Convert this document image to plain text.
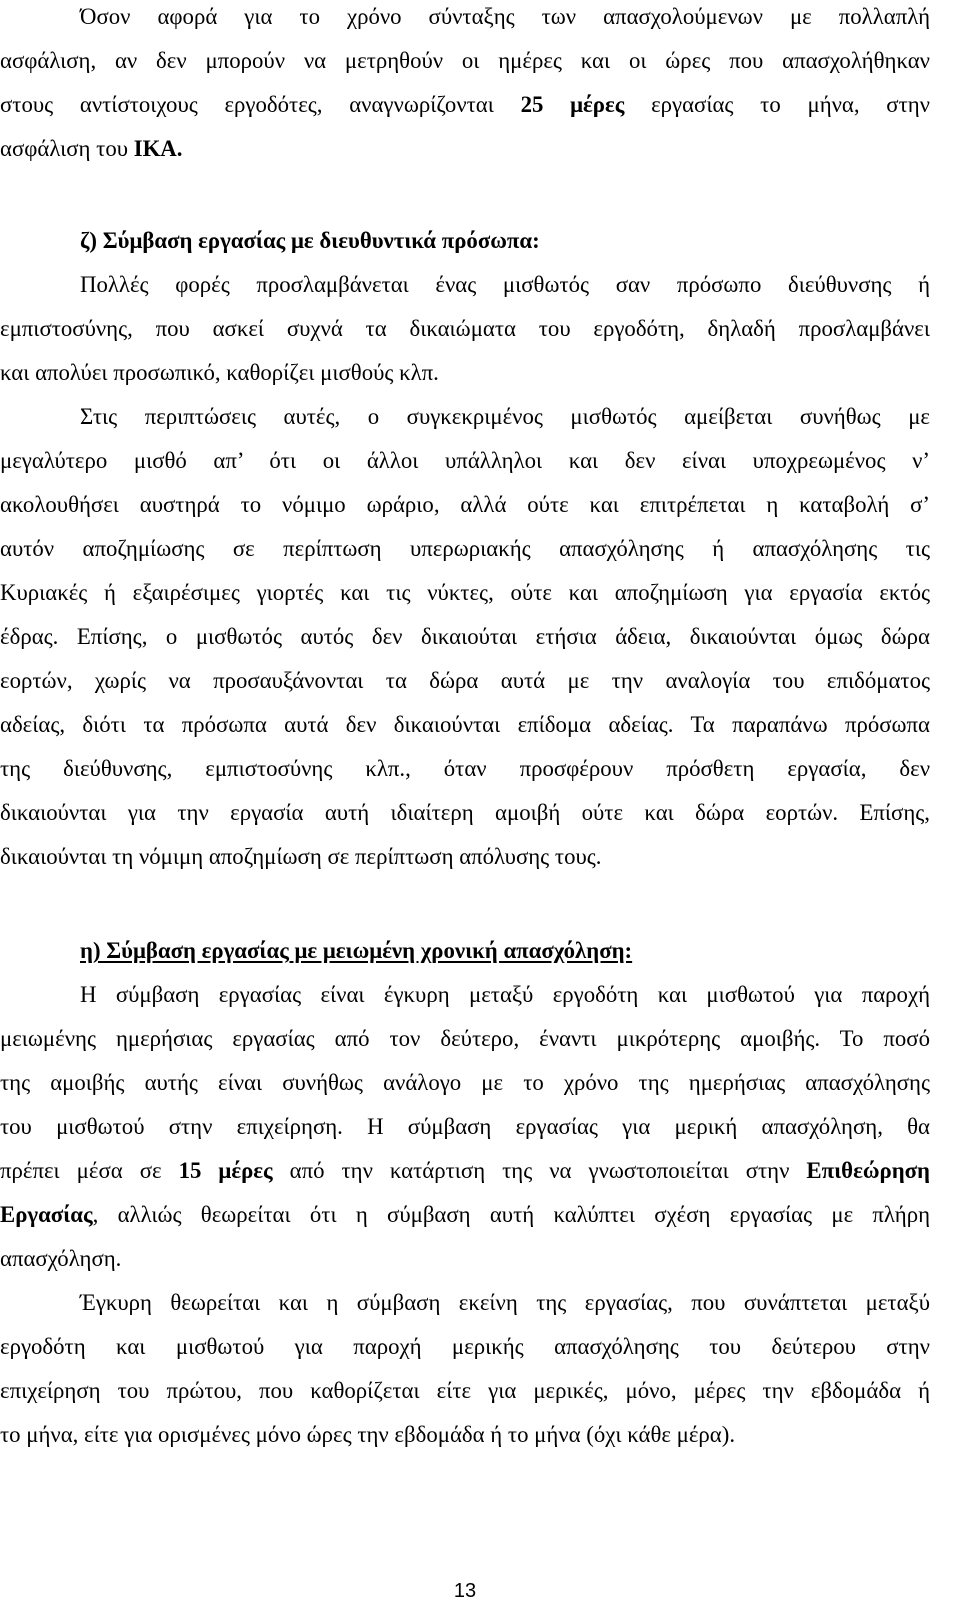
Όσον αφορά για το χρόνο σύνταξης των απασχολούμενων με πολλαπλή
ασφάλιση, αν δεν μπορούν να μετρηθούν οι ημέρες και οι ώρες που απασχολήθηκαν
στους αντίστοιχους εργοδότες, αναγνωρίζονται 25 μέρες εργασίας το μήνα, στην
ασφάλιση του ΙΚΑ.
ζ) Σύμβαση εργασίας με διευθυντικά πρόσωπα:
Πολλές φορές προσλαμβάνεται ένας μισθωτός σαν πρόσωπο διεύθυνσης ή
εμπιστοσύνης, που ασκεί συχνά τα δικαιώματα του εργοδότη, δηλαδή προσλαμβάνει
και απολύει προσωπικό, καθορίζει μισθούς κλπ.
Στις περιπτώσεις αυτές, ο συγκεκριμένος μισθωτός αμείβεται συνήθως με
μεγαλύτερο μισθό απ’ ότι οι άλλοι υπάλληλοι και δεν είναι υποχρεωμένος ν’
ακολουθήσει αυστηρά το νόμιμο ωράριο, αλλά ούτε και επιτρέπεται η καταβολή σ’
αυτόν αποζημίωσης σε περίπτωση υπερωριακής απασχόλησης ή απασχόλησης τις
Κυριακές ή εξαιρέσιμες γιορτές και τις νύκτες, ούτε και αποζημίωση για εργασία εκτός
έδρας. Επίσης, ο μισθωτός αυτός δεν δικαιούται ετήσια άδεια, δικαιούνται όμως δώρα
εορτών, χωρίς να προσαυξάνονται τα δώρα αυτά με την αναλογία του επιδόματος
αδείας, διότι τα πρόσωπα αυτά δεν δικαιούνται επίδομα αδείας. Τα παραπάνω πρόσωπα
της διεύθυνσης, εμπιστοσύνης κλπ., όταν προσφέρουν πρόσθετη εργασία, δεν
δικαιούνται για την εργασία αυτή ιδιαίτερη αμοιβή ούτε και δώρα εορτών. Επίσης,
δικαιούνται τη νόμιμη αποζημίωση σε περίπτωση απόλυσης τους.
η) Σύμβαση εργασίας με μειωμένη χρονική απασχόληση:
Η σύμβαση εργασίας είναι έγκυρη μεταξύ εργοδότη και μισθωτού για παροχή
μειωμένης ημερήσιας εργασίας από τον δεύτερο, έναντι μικρότερης αμοιβής. Το ποσό
της αμοιβής αυτής είναι συνήθως ανάλογο με το χρόνο της ημερήσιας απασχόλησης
του μισθωτού στην επιχείρηση. Η σύμβαση εργασίας για μερική απασχόληση, θα
πρέπει μέσα σε 15 μέρες από την κατάρτιση της να γνωστοποιείται στην Επιθεώρηση
Εργασίας, αλλιώς θεωρείται ότι η σύμβαση αυτή καλύπτει σχέση εργασίας με πλήρη
απασχόληση.
Έγκυρη θεωρείται και η σύμβαση εκείνη της εργασίας, που συνάπτεται μεταξύ
εργοδότη και μισθωτού για παροχή μερικής απασχόλησης του δεύτερου στην
επιχείρηση του πρώτου, που καθορίζεται είτε για μερικές, μόνο, μέρες την εβδομάδα ή
το μήνα, είτε για ορισμένες μόνο ώρες την εβδομάδα ή το μήνα (όχι κάθε μέρα).
13
